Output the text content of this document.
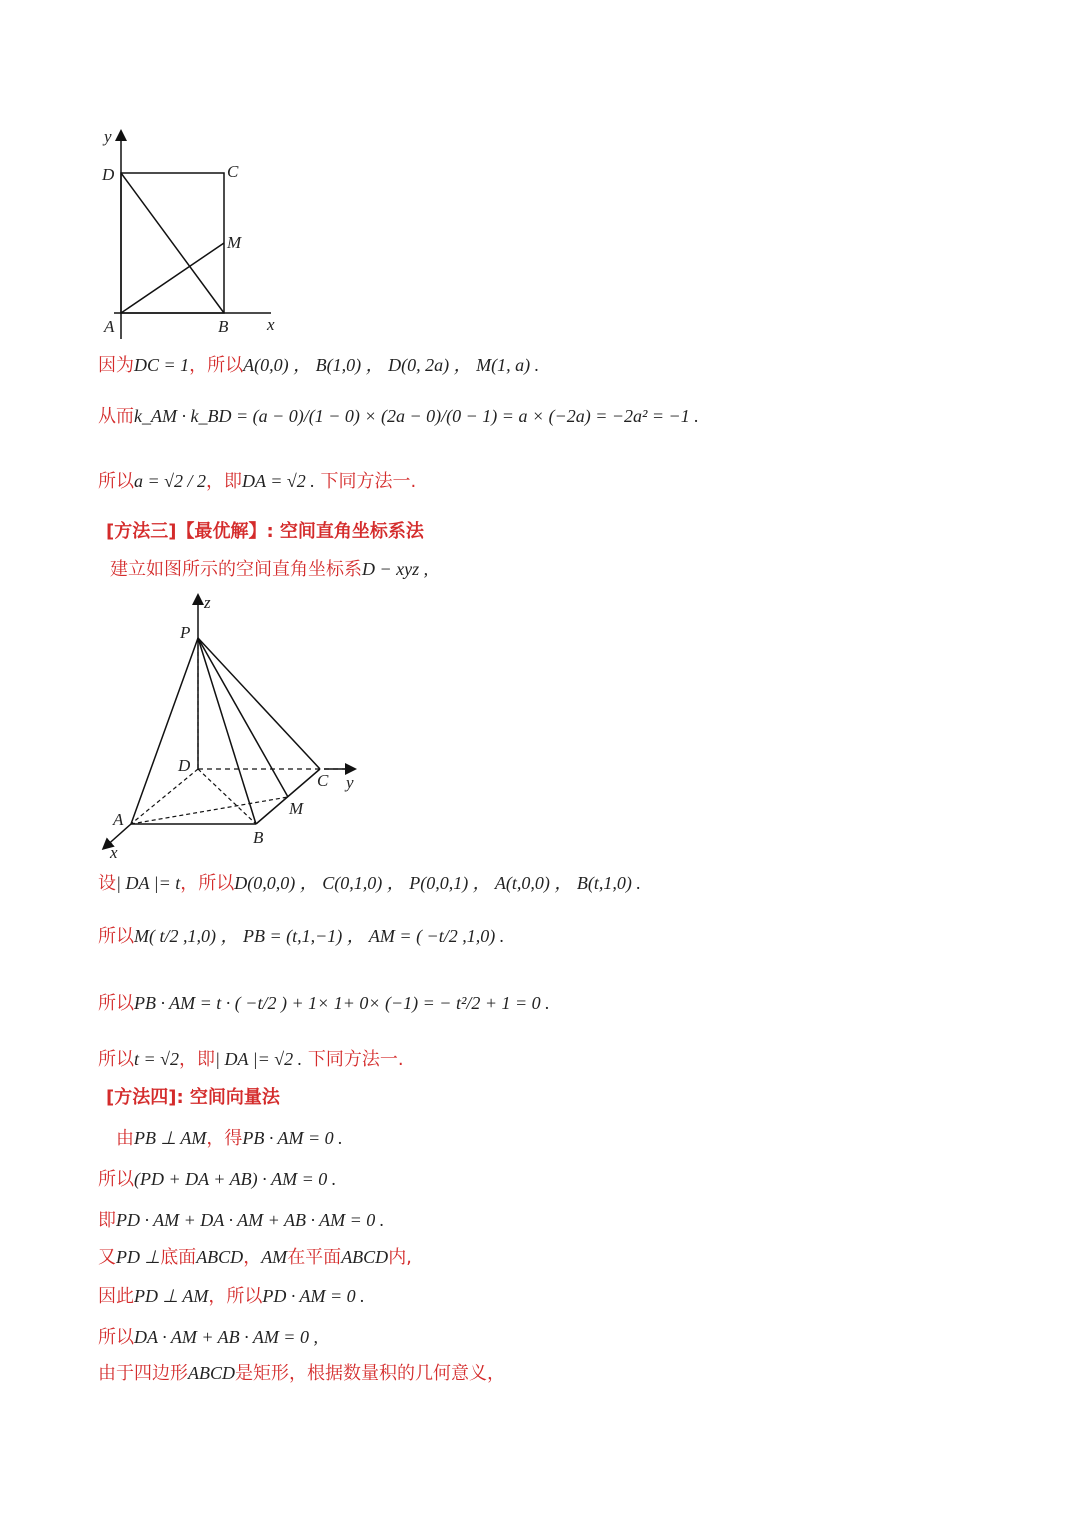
y
D	C
M
A	B x
因为DC = 1，所以A(0,0) ， B(1,0) ， D(0, 2a) ， M(1, a) .
从而k_AM · k_BD = (a − 0)/(1 − 0) × (2a − 0)/(0 − 1) = a × (−2a) = −2a² = −1 .
所以a = √2 / 2，即DA = √2 . 下同方法一.
[方法三]【最优解】: 空间直角坐标系法
建立如图所示的空间直角坐标系D − xyz ,
z
P
D
C y
M
A
B
x
设| DA |= t，所以D(0,0,0) ， C(0,1,0) ， P(0,0,1) ， A(t,0,0) ， B(t,1,0) .
所以M( t/2 ,1,0) ， PB = (t,1,−1) ， AM = ( −t/2 ,1,0) .
所以PB · AM = t · ( −t/2 ) + 1× 1+ 0× (−1) = − t²/2 + 1 = 0 .
所以t = √2，即| DA |= √2 . 下同方法一.
[方法四]: 空间向量法
由PB ⊥ AM，得PB · AM = 0 .
所以(PD + DA + AB) · AM = 0 .
即PD · AM + DA · AM + AB · AM = 0 .
又PD ⊥底面ABCD，AM在平面ABCD内,
因此PD ⊥ AM，所以PD · AM = 0 .
所以DA · AM + AB · AM = 0 ,
由于四边形ABCD是矩形，根据数量积的几何意义，
